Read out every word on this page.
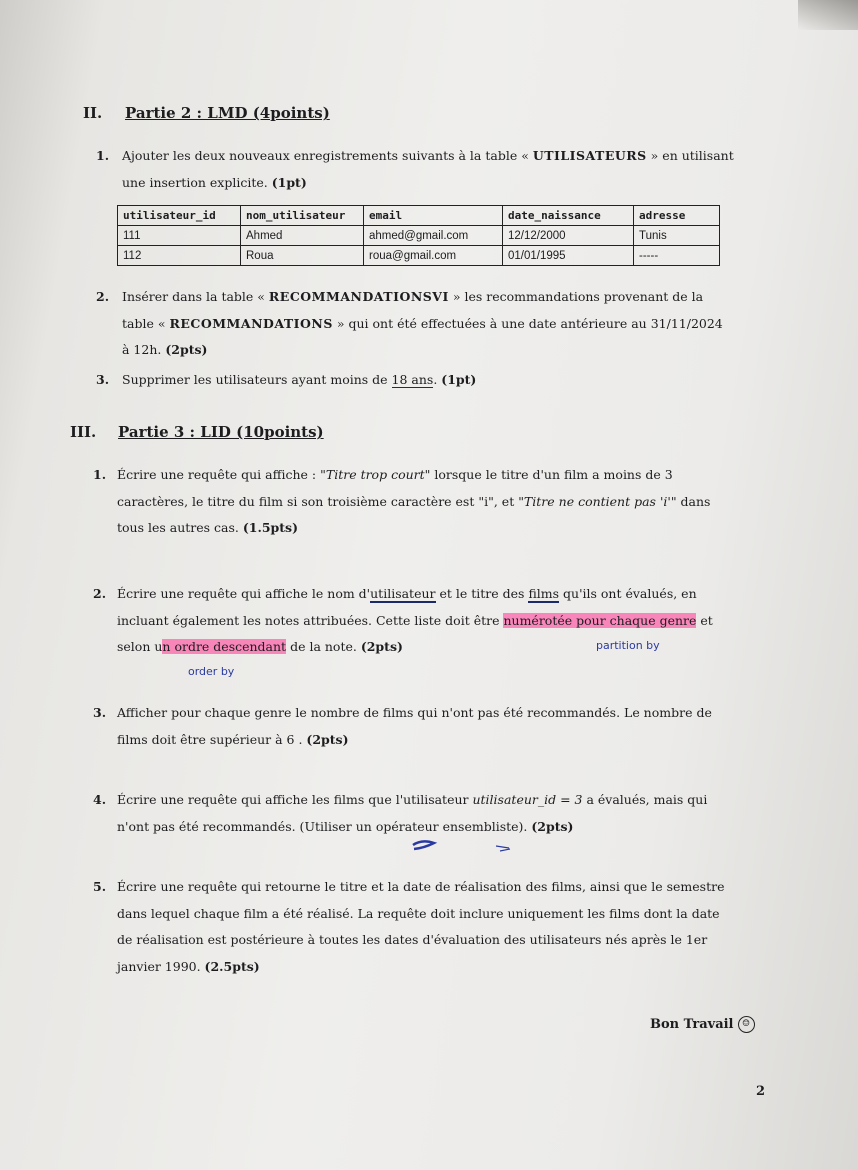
II. Partie 2 : LMD (4points)
1. Ajouter les deux nouveaux enregistrements suivants à la table « UTILISATEURS » en utilisant
une insertion explicite. (1pt)
utilisateur_id	nom_utilisateur	email	date_naissance	adresse
111	Ahmed	ahmed@gmail.com	12/12/2000	Tunis
112	Roua	roua@gmail.com	01/01/1995	-----
2. Insérer dans la table « RECOMMANDATIONSVI » les recommandations provenant de la
table « RECOMMANDATIONS » qui ont été effectuées à une date antérieure au 31/11/2024
à 12h. (2pts)
3. Supprimer les utilisateurs ayant moins de 18 ans. (1pt)
III. Partie 3 : LID (10points)
1. Écrire une requête qui affiche : "Titre trop court" lorsque le titre d'un film a moins de 3
caractères, le titre du film si son troisième caractère est "i", et "Titre ne contient pas 'i'" dans
tous les autres cas. (1.5pts)
2. Écrire une requête qui affiche le nom d'utilisateur et le titre des films qu'ils ont évalués, en
incluant également les notes attribuées. Cette liste doit être numérotée pour chaque genre et
selon un ordre descendant de la note. (2pts)	partition by
order by
3. Afficher pour chaque genre le nombre de films qui n'ont pas été recommandés. Le nombre de
films doit être supérieur à 6 . (2pts)
4. Écrire une requête qui affiche les films que l'utilisateur utilisateur_id = 3 a évalués, mais qui
n'ont pas été recommandés. (Utiliser un opérateur ensembliste). (2pts)
5. Écrire une requête qui retourne le titre et la date de réalisation des films, ainsi que le semestre
dans lequel chaque film a été réalisé. La requête doit inclure uniquement les films dont la date
de réalisation est postérieure à toutes les dates d'évaluation des utilisateurs nés après le 1er
janvier 1990. (2.5pts)
Bon Travail ☺
2
